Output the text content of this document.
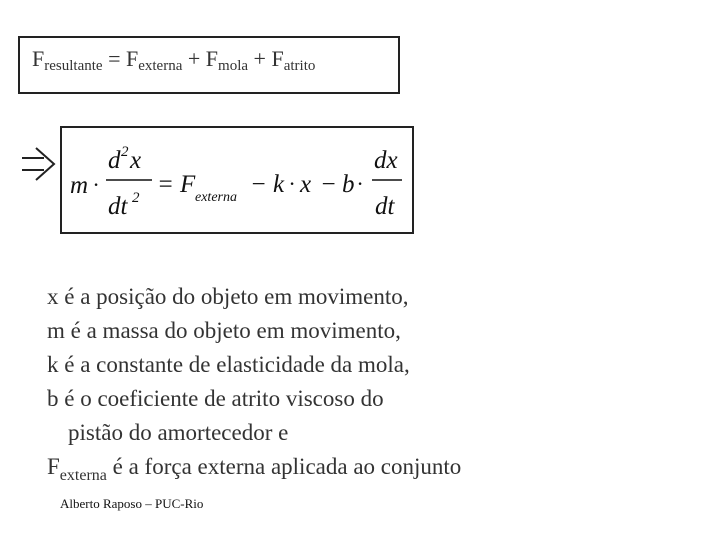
$F_{resultante} = F_{externa} + F_{mola} + F_{atrito}$
m ·
d 2 x
dt 2 = F externa − k · x − b ·
dx
dt
x é a posição do objeto em movimento,
m é a massa do objeto em movimento,
k é a constante de elasticidade da mola,
b é o coeficiente de atrito viscoso do
pistão do amortecedor e
$F_{externa}$ é a força externa aplicada ao conjunto
Alberto Raposo – PUC-Rio
